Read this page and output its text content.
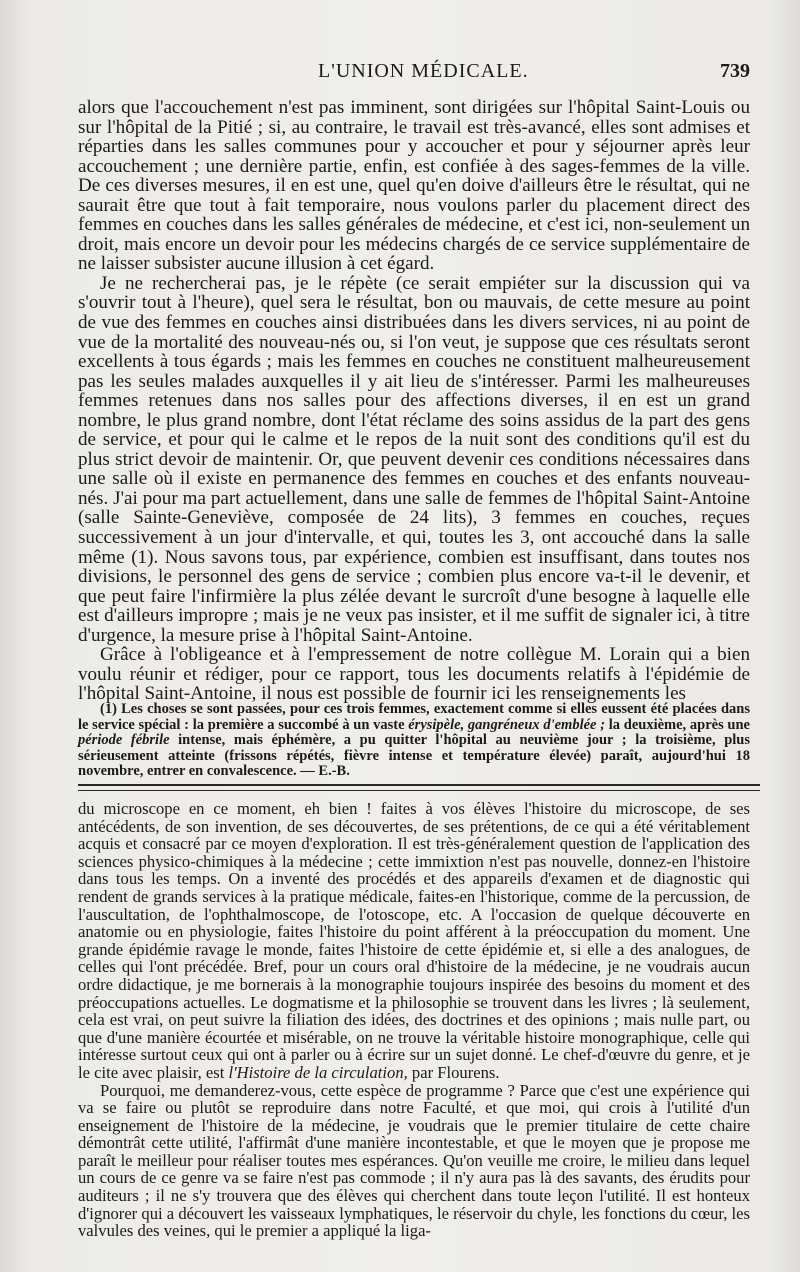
L'UNION MÉDICALE.	739

alors que l'accouchement n'est pas imminent, sont dirigées sur l'hôpital Saint-Louis ou sur l'hôpital de la Pitié ; si, au contraire, le travail est très-avancé, elles sont admises et réparties dans les salles communes pour y accoucher et pour y séjourner après leur accouchement ; une dernière partie, enfin, est confiée à des sages-femmes de la ville. De ces diverses mesures, il en est une, quel qu'en doive d'ailleurs être le résultat, qui ne saurait être que tout à fait temporaire, nous voulons parler du placement direct des femmes en couches dans les salles générales de médecine, et c'est ici, non-seulement un droit, mais encore un devoir pour les médecins chargés de ce service supplémentaire de ne laisser subsister aucune illusion à cet égard.

Je ne rechercherai pas, je le répète (ce serait empiéter sur la discussion qui va s'ouvrir tout à l'heure), quel sera le résultat, bon ou mauvais, de cette mesure au point de vue des femmes en couches ainsi distribuées dans les divers services, ni au point de vue de la mortalité des nouveau-nés ou, si l'on veut, je suppose que ces résultats seront excellents à tous égards ; mais les femmes en couches ne constituent malheureusement pas les seules malades auxquelles il y ait lieu de s'intéresser. Parmi les malheureuses femmes retenues dans nos salles pour des affections diverses, il en est un grand nombre, le plus grand nombre, dont l'état réclame des soins assidus de la part des gens de service, et pour qui le calme et le repos de la nuit sont des conditions qu'il est du plus strict devoir de maintenir. Or, que peuvent devenir ces conditions nécessaires dans une salle où il existe en permanence des femmes en couches et des enfants nouveau-nés. J'ai pour ma part actuellement, dans une salle de femmes de l'hôpital Saint-Antoine (salle Sainte-Geneviève, composée de 24 lits), 3 femmes en couches, reçues successivement à un jour d'intervalle, et qui, toutes les 3, ont accouché dans la salle même (1). Nous savons tous, par expérience, combien est insuffisant, dans toutes nos divisions, le personnel des gens de service ; combien plus encore va-t-il le devenir, et que peut faire l'infirmière la plus zélée devant le surcroît d'une besogne à laquelle elle est d'ailleurs impropre ; mais je ne veux pas insister, et il me suffit de signaler ici, à titre d'urgence, la mesure prise à l'hôpital Saint-Antoine.

Grâce à l'obligeance et à l'empressement de notre collègue M. Lorain qui a bien voulu réunir et rédiger, pour ce rapport, tous les documents relatifs à l'épidémie de l'hôpital Saint-Antoine, il nous est possible de fournir ici les renseignements les

(1) Les choses se sont passées, pour ces trois femmes, exactement comme si elles eussent été placées dans le service spécial : la première a succombé à un vaste érysipèle, gangréneux d'emblée ; la deuxième, après une période fébrile intense, mais éphémère, a pu quitter l'hôpital au neuvième jour ; la troisième, plus sérieusement atteinte (frissons répétés, fièvre intense et température élevée) paraît, aujourd'hui 18 novembre, entrer en convalescence. — E.-B.

du microscope en ce moment, eh bien ! faites à vos élèves l'histoire du microscope, de ses antécédents, de son invention, de ses découvertes, de ses prétentions, de ce qui a été véritablement acquis et consacré par ce moyen d'exploration. Il est très-généralement question de l'application des sciences physico-chimiques à la médecine ; cette immixtion n'est pas nouvelle, donnez-en l'histoire dans tous les temps. On a inventé des procédés et des appareils d'examen et de diagnostic qui rendent de grands services à la pratique médicale, faites-en l'historique, comme de la percussion, de l'auscultation, de l'ophthalmoscope, de l'otoscope, etc. A l'occasion de quelque découverte en anatomie ou en physiologie, faites l'histoire du point afférent à la préoccupation du moment. Une grande épidémie ravage le monde, faites l'histoire de cette épidémie et, si elle a des analogues, de celles qui l'ont précédée. Bref, pour un cours oral d'histoire de la médecine, je ne voudrais aucun ordre didactique, je me bornerais à la monographie toujours inspirée des besoins du moment et des préoccupations actuelles. Le dogmatisme et la philosophie se trouvent dans les livres ; là seulement, cela est vrai, on peut suivre la filiation des idées, des doctrines et des opinions ; mais nulle part, ou que d'une manière écourtée et misérable, on ne trouve la véritable histoire monographique, celle qui intéresse surtout ceux qui ont à parler ou à écrire sur un sujet donné. Le chef-d'œuvre du genre, et je le cite avec plaisir, est l'Histoire de la circulation, par Flourens.

Pourquoi, me demanderez-vous, cette espèce de programme ? Parce que c'est une expérience qui va se faire ou plutôt se reproduire dans notre Faculté, et que moi, qui crois à l'utilité d'un enseignement de l'histoire de la médecine, je voudrais que le premier titulaire de cette chaire démontrât cette utilité, l'affirmât d'une manière incontestable, et que le moyen que je propose me paraît le meilleur pour réaliser toutes mes espérances. Qu'on veuille me croire, le milieu dans lequel un cours de ce genre va se faire n'est pas commode ; il n'y aura pas là des savants, des érudits pour auditeurs ; il ne s'y trouvera que des élèves qui cherchent dans toute leçon l'utilité. Il est honteux d'ignorer qui a découvert les vaisseaux lymphatiques, le réservoir du chyle, les fonctions du cœur, les valvules des veines, qui le premier a appliqué la liga-
